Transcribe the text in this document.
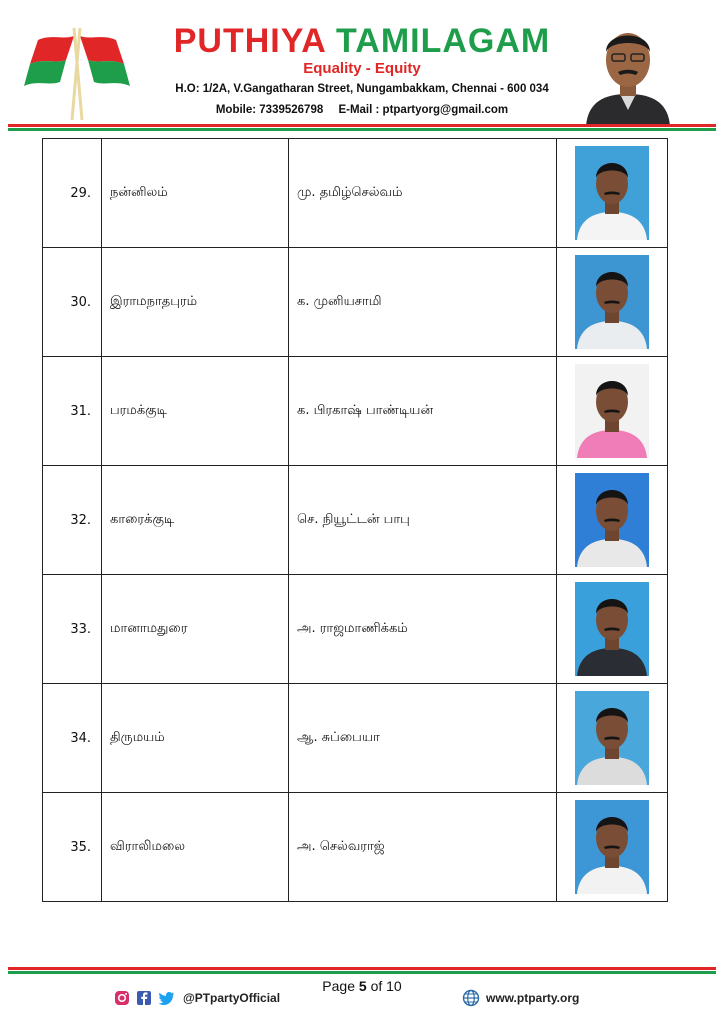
PUTHIYA TAMILAGAM
Equality - Equity
H.O: 1/2A, V.Gangatharan Street, Nungambakkam, Chennai - 600 034
Mobile: 7339526798 E-Mail : ptpartyorg@gmail.com
29.	நன்னிலம்	மு. தமிழ்செல்வம்	
30.	இராமநாதபுரம்	க. முனியசாமி	
31.	பரமக்குடி	க. பிரகாஷ் பாண்டியன்	
32.	காரைக்குடி	செ. நியூட்டன் பாபு	
33.	மானாமதுரை	அ. ராஜமாணிக்கம்	
34.	திருமயம்	ஆ. சுப்பையா	
35.	விராலிமலை	அ. செல்வராஜ்	
Page 5 of 10
@PTpartyOfficial	www.ptparty.org
